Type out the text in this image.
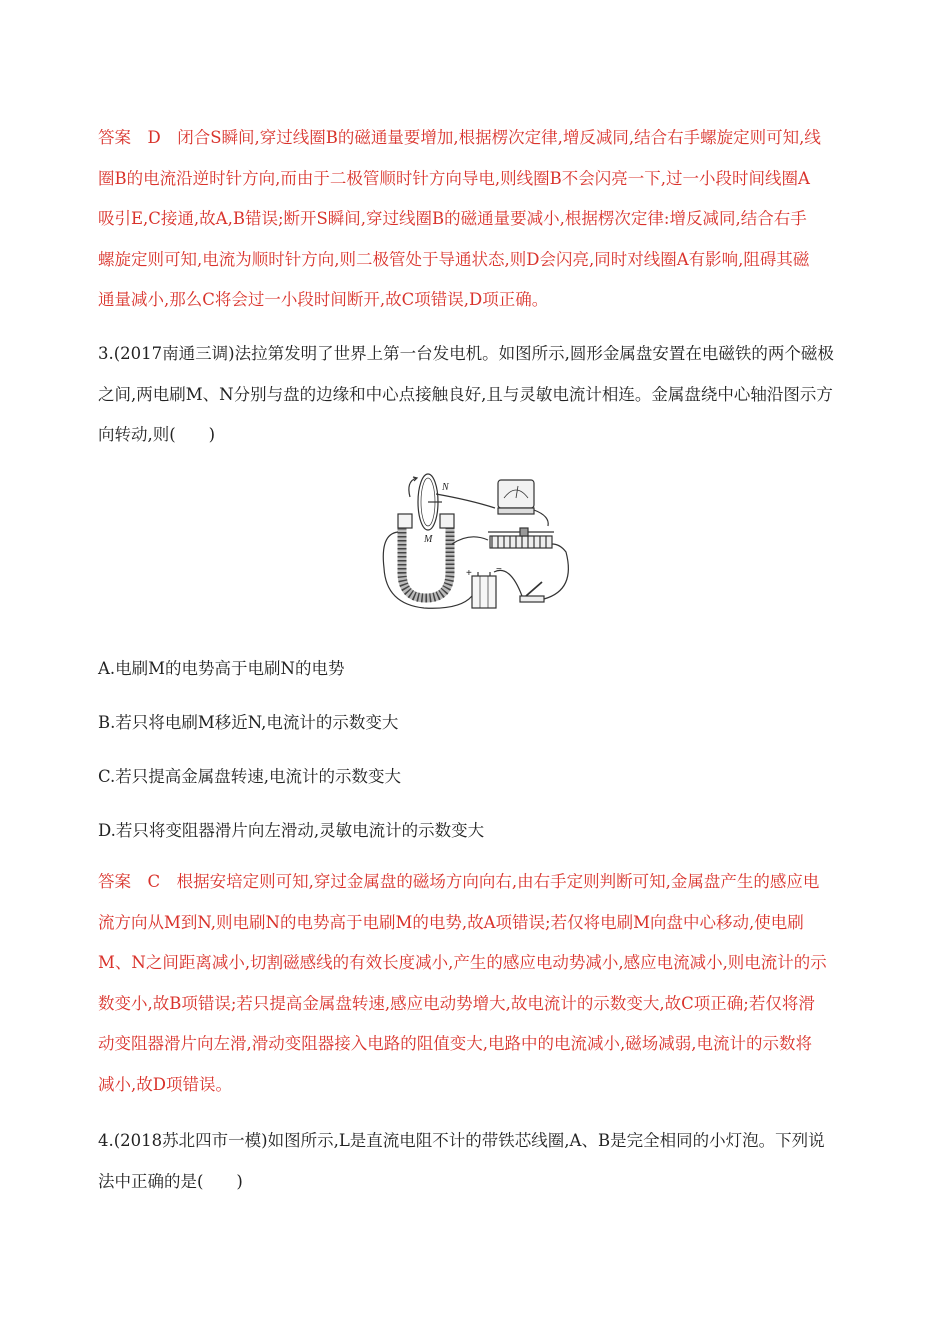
答案　D　闭合S瞬间,穿过线圈B的磁通量要增加,根据楞次定律,增反减同,结合右手螺旋定则可知,线
圈B的电流沿逆时针方向,而由于二极管顺时针方向导电,则线圈B不会闪亮一下,过一小段时间线圈A
吸引E,C接通,故A,B错误;断开S瞬间,穿过线圈B的磁通量要减小,根据楞次定律:增反减同,结合右手
螺旋定则可知,电流为顺时针方向,则二极管处于导通状态,则D会闪亮,同时对线圈A有影响,阻碍其磁
通量减小,那么C将会过一小段时间断开,故C项错误,D项正确。
3.(2017南通三调)法拉第发明了世界上第一台发电机。如图所示,圆形金属盘安置在电磁铁的两个磁极
之间,两电刷M、N分别与盘的边缘和中心点接触良好,且与灵敏电流计相连。金属盘绕中心轴沿图示方
向转动,则(　　)
N
M
+ −
A.电刷M的电势高于电刷N的电势
B.若只将电刷M移近N,电流计的示数变大
C.若只提高金属盘转速,电流计的示数变大
D.若只将变阻器滑片向左滑动,灵敏电流计的示数变大
答案　C　根据安培定则可知,穿过金属盘的磁场方向向右,由右手定则判断可知,金属盘产生的感应电
流方向从M到N,则电刷N的电势高于电刷M的电势,故A项错误;若仅将电刷M向盘中心移动,使电刷
M、N之间距离减小,切割磁感线的有效长度减小,产生的感应电动势减小,感应电流减小,则电流计的示
数变小,故B项错误;若只提高金属盘转速,感应电动势增大,故电流计的示数变大,故C项正确;若仅将滑
动变阻器滑片向左滑,滑动变阻器接入电路的阻值变大,电路中的电流减小,磁场减弱,电流计的示数将
减小,故D项错误。
4.(2018苏北四市一模)如图所示,L是直流电阻不计的带铁芯线圈,A、B是完全相同的小灯泡。下列说
法中正确的是(　　)
